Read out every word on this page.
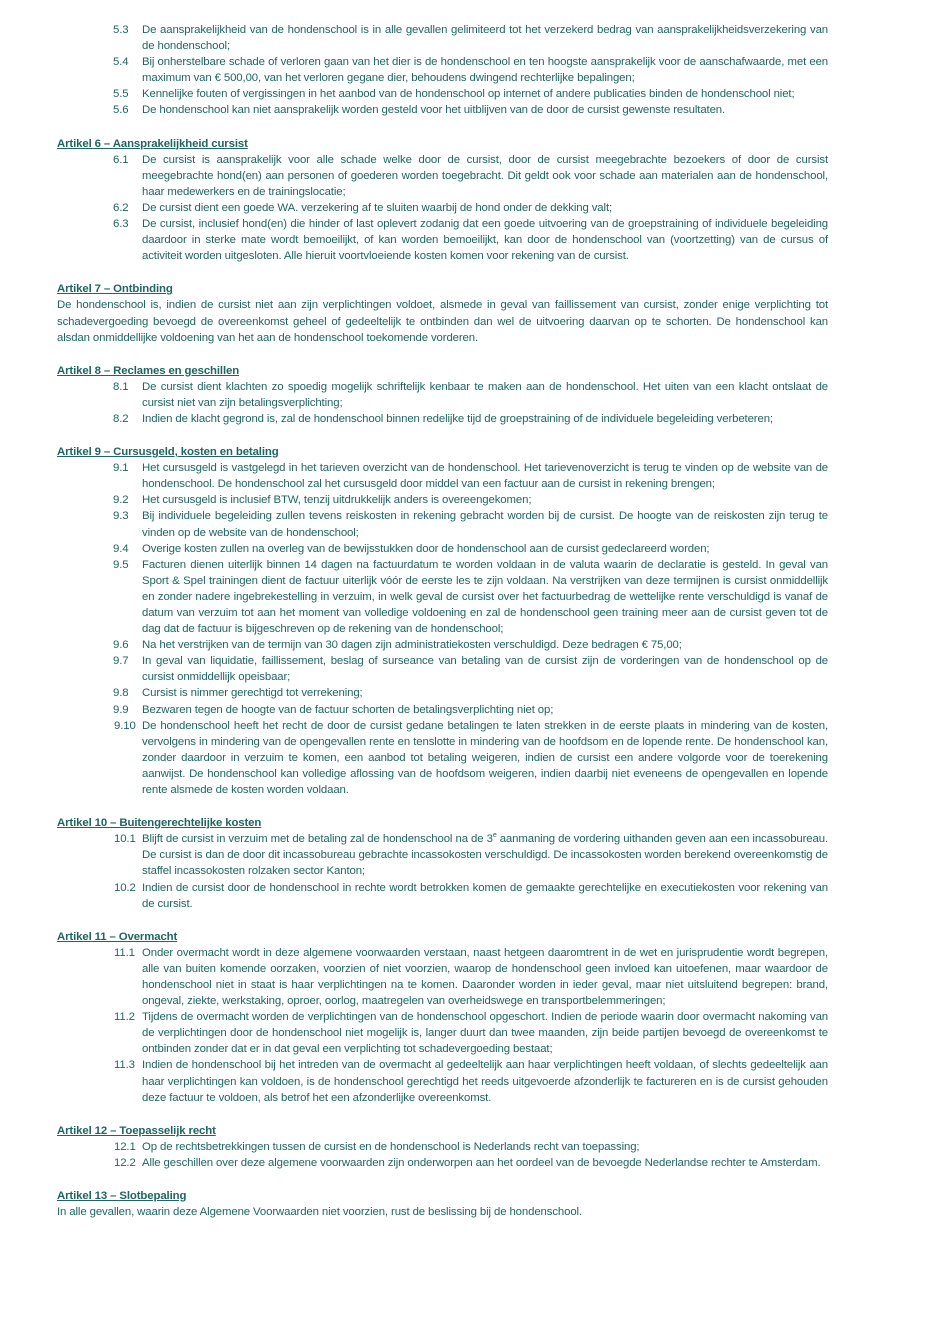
5.3 De aansprakelijkheid van de hondenschool is in alle gevallen gelimiteerd tot het verzekerd bedrag van aansprakelijkheidsverzekering van de hondenschool;
5.4 Bij onherstelbare schade of verloren gaan van het dier is de hondenschool en ten hoogste aansprakelijk voor de aanschafwaarde, met een maximum van € 500,00, van het verloren gegane dier, behoudens dwingend rechterlijke bepalingen;
5.5 Kennelijke fouten of vergissingen in het aanbod van de hondenschool op internet of andere publicaties binden de hondenschool niet;
5.6 De hondenschool kan niet aansprakelijk worden gesteld voor het uitblijven van de door de cursist gewenste resultaten.
Artikel 6 – Aansprakelijkheid cursist
6.1 De cursist is aansprakelijk voor alle schade welke door de cursist, door de cursist meegebrachte bezoekers of door de cursist meegebrachte hond(en) aan personen of goederen worden toegebracht. Dit geldt ook voor schade aan materialen aan de hondenschool, haar medewerkers en de trainingslocatie;
6.2 De cursist dient een goede WA. verzekering af te sluiten waarbij de hond onder de dekking valt;
6.3 De cursist, inclusief hond(en) die hinder of last oplevert zodanig dat een goede uitvoering van de groepstraining of individuele begeleiding daardoor in sterke mate wordt bemoeilijkt, of kan worden bemoeilijkt, kan door de hondenschool van (voortzetting) van de cursus of activiteit worden uitgesloten. Alle hieruit voortvloeiende kosten komen voor rekening van de cursist.
Artikel 7 – Ontbinding
De hondenschool is, indien de cursist niet aan zijn verplichtingen voldoet, alsmede in geval van faillissement van cursist, zonder enige verplichting tot schadevergoeding bevoegd de overeenkomst geheel of gedeeltelijk te ontbinden dan wel de uitvoering daarvan op te schorten. De hondenschool kan alsdan onmiddellijke voldoening van het aan de hondenschool toekomende vorderen.
Artikel 8 – Reclames en geschillen
8.1 De cursist dient klachten zo spoedig mogelijk schriftelijk kenbaar te maken aan de hondenschool. Het uiten van een klacht ontslaat de cursist niet van zijn betalingsverplichting;
8.2 Indien de klacht gegrond is, zal de hondenschool binnen redelijke tijd de groepstraining of de individuele begeleiding verbeteren;
Artikel 9 – Cursusgeld, kosten en betaling
9.1 Het cursusgeld is vastgelegd in het tarieven overzicht van de hondenschool. Het tarievenoverzicht is terug te vinden op de website van de hondenschool. De hondenschool zal het cursusgeld door middel van een factuur aan de cursist in rekening brengen;
9.2 Het cursusgeld is inclusief BTW, tenzij uitdrukkelijk anders is overeengekomen;
9.3 Bij individuele begeleiding zullen tevens reiskosten in rekening gebracht worden bij de cursist. De hoogte van de reiskosten zijn terug te vinden op de website van de hondenschool;
9.4 Overige kosten zullen na overleg van de bewijsstukken door de hondenschool aan de cursist gedeclareerd worden;
9.5 Facturen dienen uiterlijk binnen 14 dagen na factuurdatum te worden voldaan in de valuta waarin de declaratie is gesteld. In geval van Sport & Spel trainingen dient de factuur uiterlijk vóór de eerste les te zijn voldaan. Na verstrijken van deze termijnen is cursist onmiddellijk en zonder nadere ingebrekestelling in verzuim, in welk geval de cursist over het factuurbedrag de wettelijke rente verschuldigd is vanaf de datum van verzuim tot aan het moment van volledige voldoening en zal de hondenschool geen training meer aan de cursist geven tot de dag dat de factuur is bijgeschreven op de rekening van de hondenschool;
9.6 Na het verstrijken van de termijn van 30 dagen zijn administratiekosten verschuldigd. Deze bedragen € 75,00;
9.7 In geval van liquidatie, faillissement, beslag of surseance van betaling van de cursist zijn de vorderingen van de hondenschool op de cursist onmiddellijk opeisbaar;
9.8 Cursist is nimmer gerechtigd tot verrekening;
9.9 Bezwaren tegen de hoogte van de factuur schorten de betalingsverplichting niet op;
9.10 De hondenschool heeft het recht de door de cursist gedane betalingen te laten strekken in de eerste plaats in mindering van de kosten, vervolgens in mindering van de opengevallen rente en tenslotte in mindering van de hoofdsom en de lopende rente. De hondenschool kan, zonder daardoor in verzuim te komen, een aanbod tot betaling weigeren, indien de cursist een andere volgorde voor de toerekening aanwijst. De hondenschool kan volledige aflossing van de hoofdsom weigeren, indien daarbij niet eveneens de opengevallen en lopende rente alsmede de kosten worden voldaan.
Artikel 10 – Buitengerechtelijke kosten
10.1 Blijft de cursist in verzuim met de betaling zal de hondenschool na de 3e aanmaning de vordering uithanden geven aan een incassobureau. De cursist is dan de door dit incassobureau gebrachte incassokosten verschuldigd. De incassokosten worden berekend overeenkomstig de staffel incassokosten rolzaken sector Kanton;
10.2 Indien de cursist door de hondenschool in rechte wordt betrokken komen de gemaakte gerechtelijke en executiekosten voor rekening van de cursist.
Artikel 11 – Overmacht
11.1 Onder overmacht wordt in deze algemene voorwaarden verstaan, naast hetgeen daaromtrent in de wet en jurisprudentie wordt begrepen, alle van buiten komende oorzaken, voorzien of niet voorzien, waarop de hondenschool geen invloed kan uitoefenen, maar waardoor de hondenschool niet in staat is haar verplichtingen na te komen. Daaronder worden in ieder geval, maar niet uitsluitend begrepen: brand, ongeval, ziekte, werkstaking, oproer, oorlog, maatregelen van overheidswege en transportbelemmeringen;
11.2 Tijdens de overmacht worden de verplichtingen van de hondenschool opgeschort. Indien de periode waarin door overmacht nakoming van de verplichtingen door de hondenschool niet mogelijk is, langer duurt dan twee maanden, zijn beide partijen bevoegd de overeenkomst te ontbinden zonder dat er in dat geval een verplichting tot schadevergoeding bestaat;
11.3 Indien de hondenschool bij het intreden van de overmacht al gedeeltelijk aan haar verplichtingen heeft voldaan, of slechts gedeeltelijk aan haar verplichtingen kan voldoen, is de hondenschool gerechtigd het reeds uitgevoerde afzonderlijk te factureren en is de cursist gehouden deze factuur te voldoen, als betrof het een afzonderlijke overeenkomst.
Artikel 12 – Toepasselijk recht
12.1 Op de rechtsbetrekkingen tussen de cursist en de hondenschool is Nederlands recht van toepassing;
12.2 Alle geschillen over deze algemene voorwaarden zijn onderworpen aan het oordeel van de bevoegde Nederlandse rechter te Amsterdam.
Artikel 13 – Slotbepaling
In alle gevallen, waarin deze Algemene Voorwaarden niet voorzien, rust de beslissing bij de hondenschool.
